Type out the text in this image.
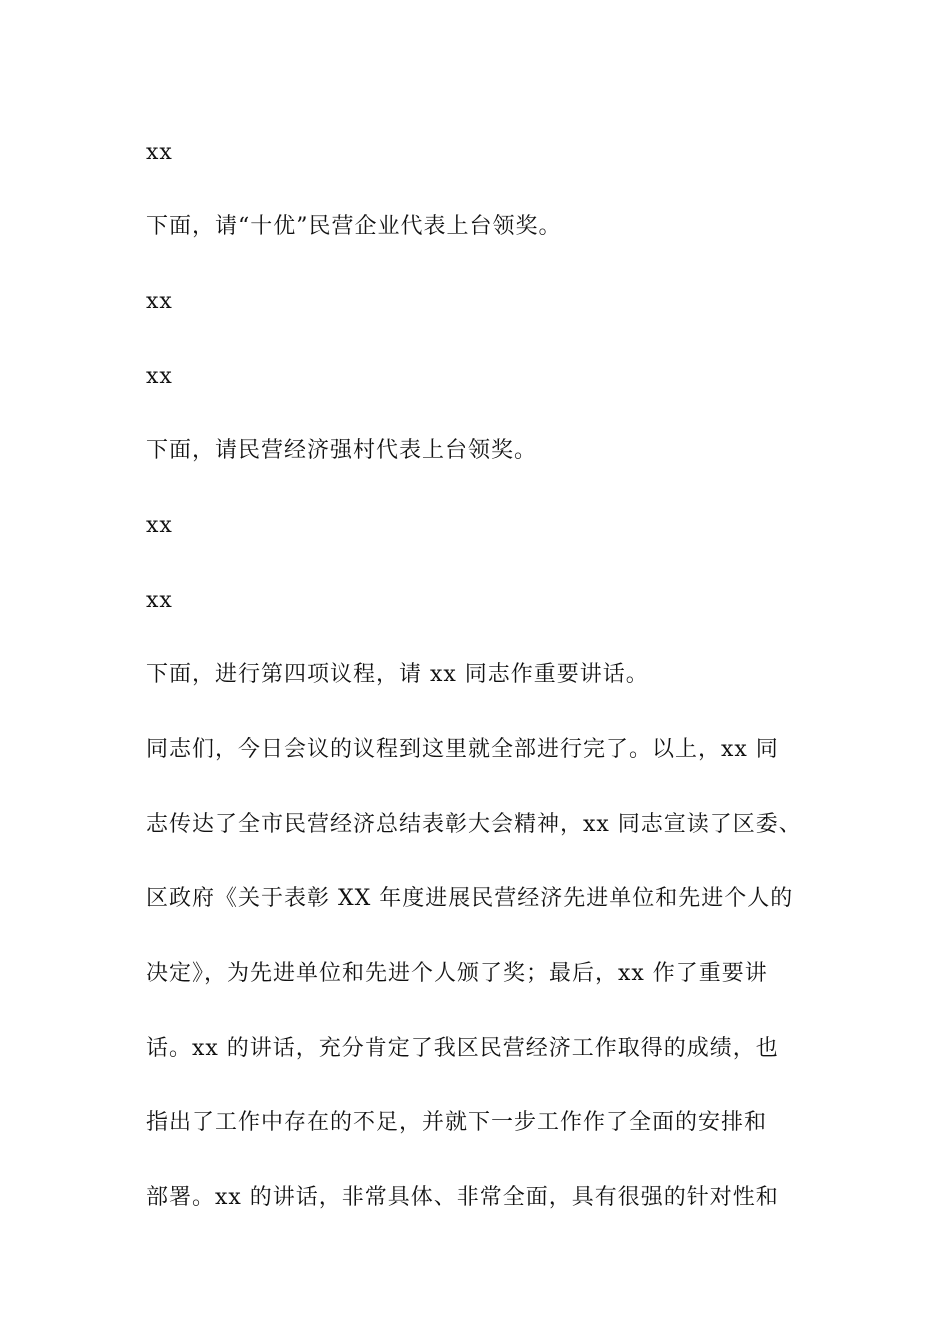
xx
下面，请“十优”民营企业代表上台领奖。
xx
xx
下面，请民营经济强村代表上台领奖。
xx
xx
下面，进行第四项议程，请 xx 同志作重要讲话。
同志们，今日会议的议程到这里就全部进行完了。以上，xx 同
志传达了全市民营经济总结表彰大会精神，xx 同志宣读了区委、
区政府《关于表彰 XX 年度进展民营经济先进单位和先进个人的
决定》，为先进单位和先进个人颁了奖；最后，xx 作了重要讲
话。xx 的讲话，充分肯定了我区民营经济工作取得的成绩，也
指出了工作中存在的不足，并就下一步工作作了全面的安排和
部署。xx 的讲话，非常具体、非常全面，具有很强的针对性和
